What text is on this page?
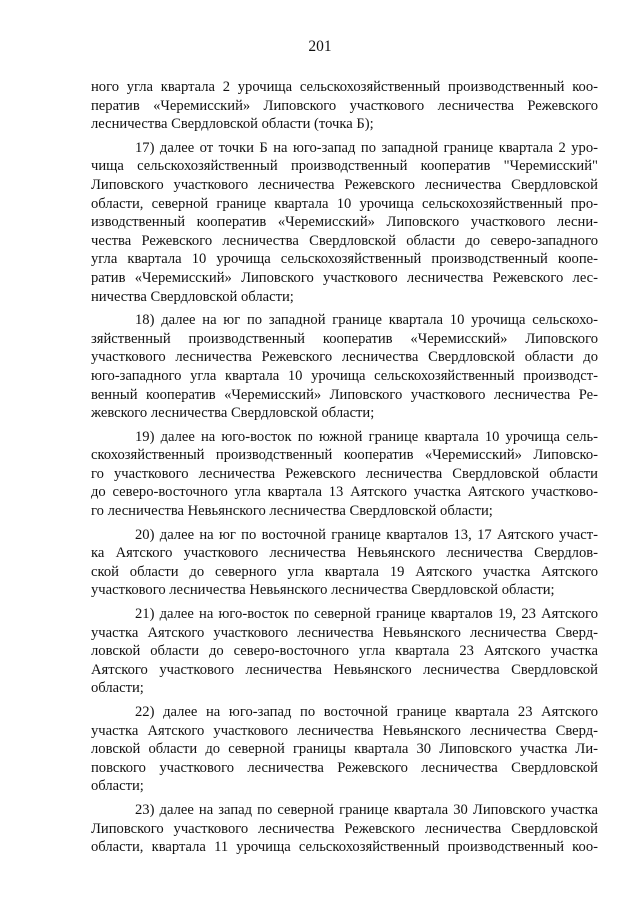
201
ного угла квартала 2 урочища сельскохозяйственный производственный коо-
ператив «Черемисский» Липовского участкового лесничества Режевского
лесничества Свердловской области (точка Б);
17) далее от точки Б на юго-запад по западной границе квартала 2 уро-
чища сельскохозяйственный производственный кооператив "Черемисский"
Липовского участкового лесничества Режевского лесничества Свердловской
области, северной границе квартала 10 урочища сельскохозяйственный про-
изводственный кооператив «Черемисский» Липовского участкового лесни-
чества Режевского лесничества Свердловской области до северо-западного
угла квартала 10 урочища сельскохозяйственный производственный коопе-
ратив «Черемисский» Липовского участкового лесничества Режевского лес-
ничества Свердловской области;
18) далее на юг по западной границе квартала 10 урочища сельскохо-
зяйственный производственный кооператив «Черемисский» Липовского
участкового лесничества Режевского лесничества Свердловской области до
юго-западного угла квартала 10 урочища сельскохозяйственный производст-
венный кооператив «Черемисский» Липовского участкового лесничества Ре-
жевского лесничества Свердловской области;
19) далее на юго-восток по южной границе квартала 10 урочища сель-
скохозяйственный производственный кооператив «Черемисский» Липовско-
го участкового лесничества Режевского лесничества Свердловской области
до северо-восточного угла квартала 13 Аятского участка Аятского участково-
го лесничества Невьянского лесничества Свердловской области;
20) далее на юг по восточной границе кварталов 13, 17 Аятского участ-
ка Аятского участкового лесничества Невьянского лесничества Свердлов-
ской области до северного угла квартала 19 Аятского участка Аятского
участкового лесничества Невьянского лесничества Свердловской области;
21) далее на юго-восток по северной границе кварталов 19, 23 Аятского
участка Аятского участкового лесничества Невьянского лесничества Сверд-
ловской области до северо-восточного угла квартала 23 Аятского участка
Аятского участкового лесничества Невьянского лесничества Свердловской
области;
22) далее на юго-запад по восточной границе квартала 23 Аятского
участка Аятского участкового лесничества Невьянского лесничества Сверд-
ловской области до северной границы квартала 30 Липовского участка Ли-
повского участкового лесничества Режевского лесничества Свердловской
области;
23) далее на запад по северной границе квартала 30 Липовского участка
Липовского участкового лесничества Режевского лесничества Свердловской
области, квартала 11 урочища сельскохозяйственный производственный коо-
